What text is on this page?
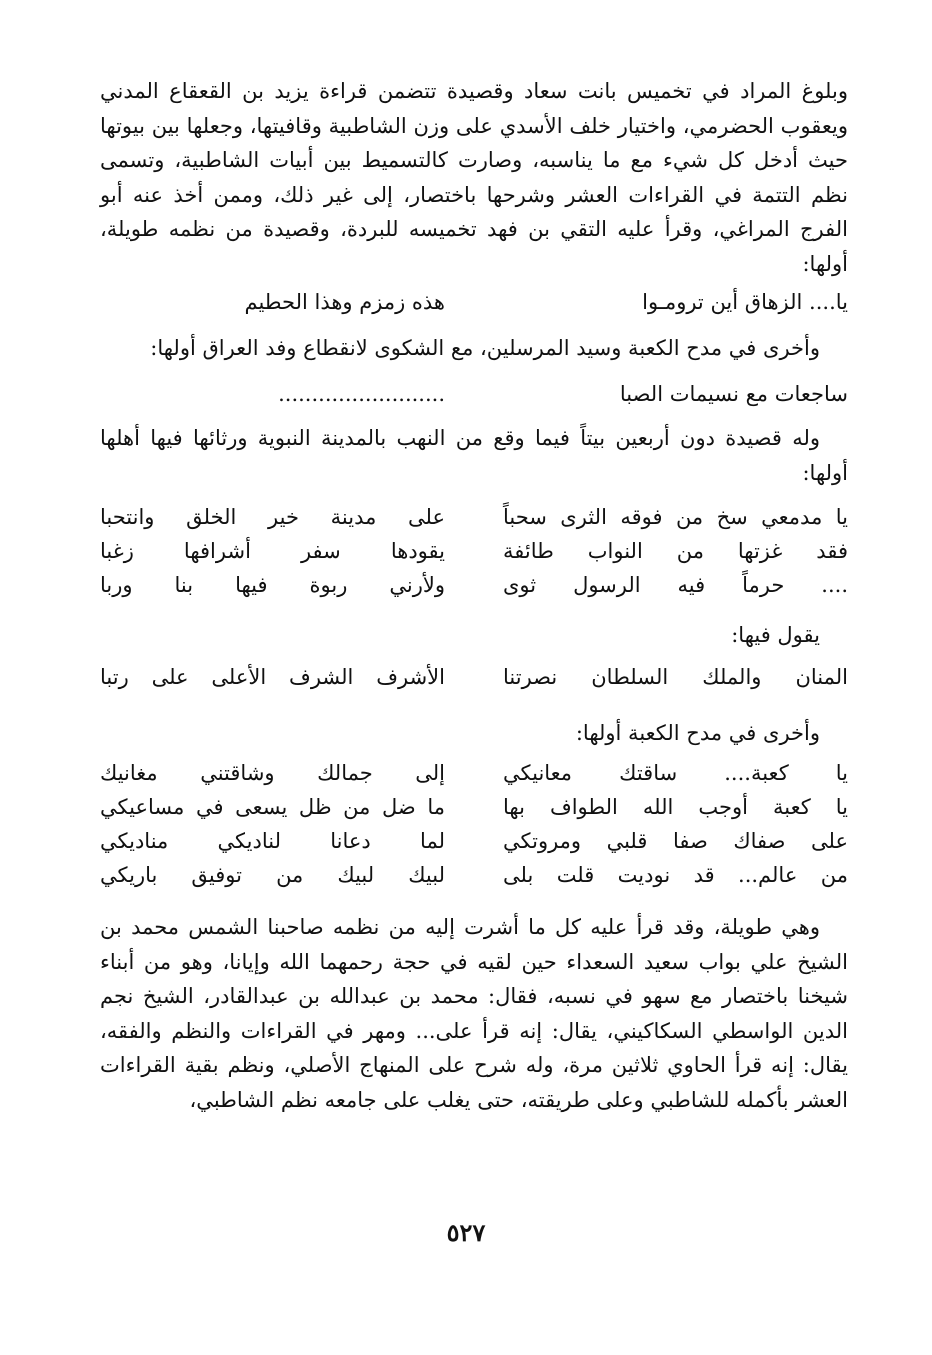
وبلوغ المراد في تخميس بانت سعاد وقصيدة تتضمن قراءة يزيد بن القعقاع المدني ويعقوب الحضرمي، واختيار خلف الأسدي على وزن الشاطبية وقافيتها، وجعلها بين بيوتها حيث أدخل كل شيء مع ما يناسبه، وصارت كالتسميط بين أبيات الشاطبية، وتسمى نظم التتمة في القراءات العشر وشرحها باختصار، إلى غير ذلك، وممن أخذ عنه أبو الفرج المراغي، وقرأ عليه التقي بن فهد تخميسه للبردة، وقصيدة من نظمه طويلة، أولها:

يا.... الزهاق أين ترومـوا
هذه زمزم وهذا الحطيم

وأخرى في مدح الكعبة وسيد المرسلين، مع الشكوى لانقطاع وفد العراق أولها:

ساجعات مع نسيمات الصبا
.........................

وله قصيدة دون أربعين بيتاً فيما وقع من النهب بالمدينة النبوية ورثائها فيها أهلها أولها:

يا مدمعي سخ من فوقه الثرى سحباً
على مدينة خير الخلق وانتحبا
فقد غزتها من النواب طائفة
يقودها سفر أشرافها زغبا
.... حرماً فيه الرسول ثوى
ولأرني ربوة فيها بنا وربا

يقول فيها:

المنان والملك السلطان نصرتنا
الأشرف الشرف الأعلى على رتبا

وأخرى في مدح الكعبة أولها:

يا كعبة.... ساقتك معانيكي
إلى جمالك وشاقتني مغانيك
يا كعبة أوجب الله الطواف بها
ما ضل من ظل يسعى في مساعيكي
على صفاك صفا قلبي ومروتكي
لما دعانا لناديكي مناديكي
من عالم... قد نوديت قلت بلى
لبيك لبيك من توفيق باريكي

وهي طويلة، وقد قرأ عليه كل ما أشرت إليه من نظمه صاحبنا الشمس محمد بن الشيخ علي بواب سعيد السعداء حين لقيه في حجة رحمهما الله وإيانا، وهو من أبناء شيخنا باختصار مع سهو في نسبه، فقال: محمد بن عبدالله بن عبدالقادر، الشيخ نجم الدين الواسطي السكاكيني، يقال: إنه قرأ على... ومهر في القراءات والنظم والفقه، يقال: إنه قرأ الحاوي ثلاثين مرة، وله شرح على المنهاج الأصلي، ونظم بقية القراءات العشر بأكمله للشاطبي وعلى طريقته، حتى يغلب على جامعه نظم الشاطبي،

٥٢٧
